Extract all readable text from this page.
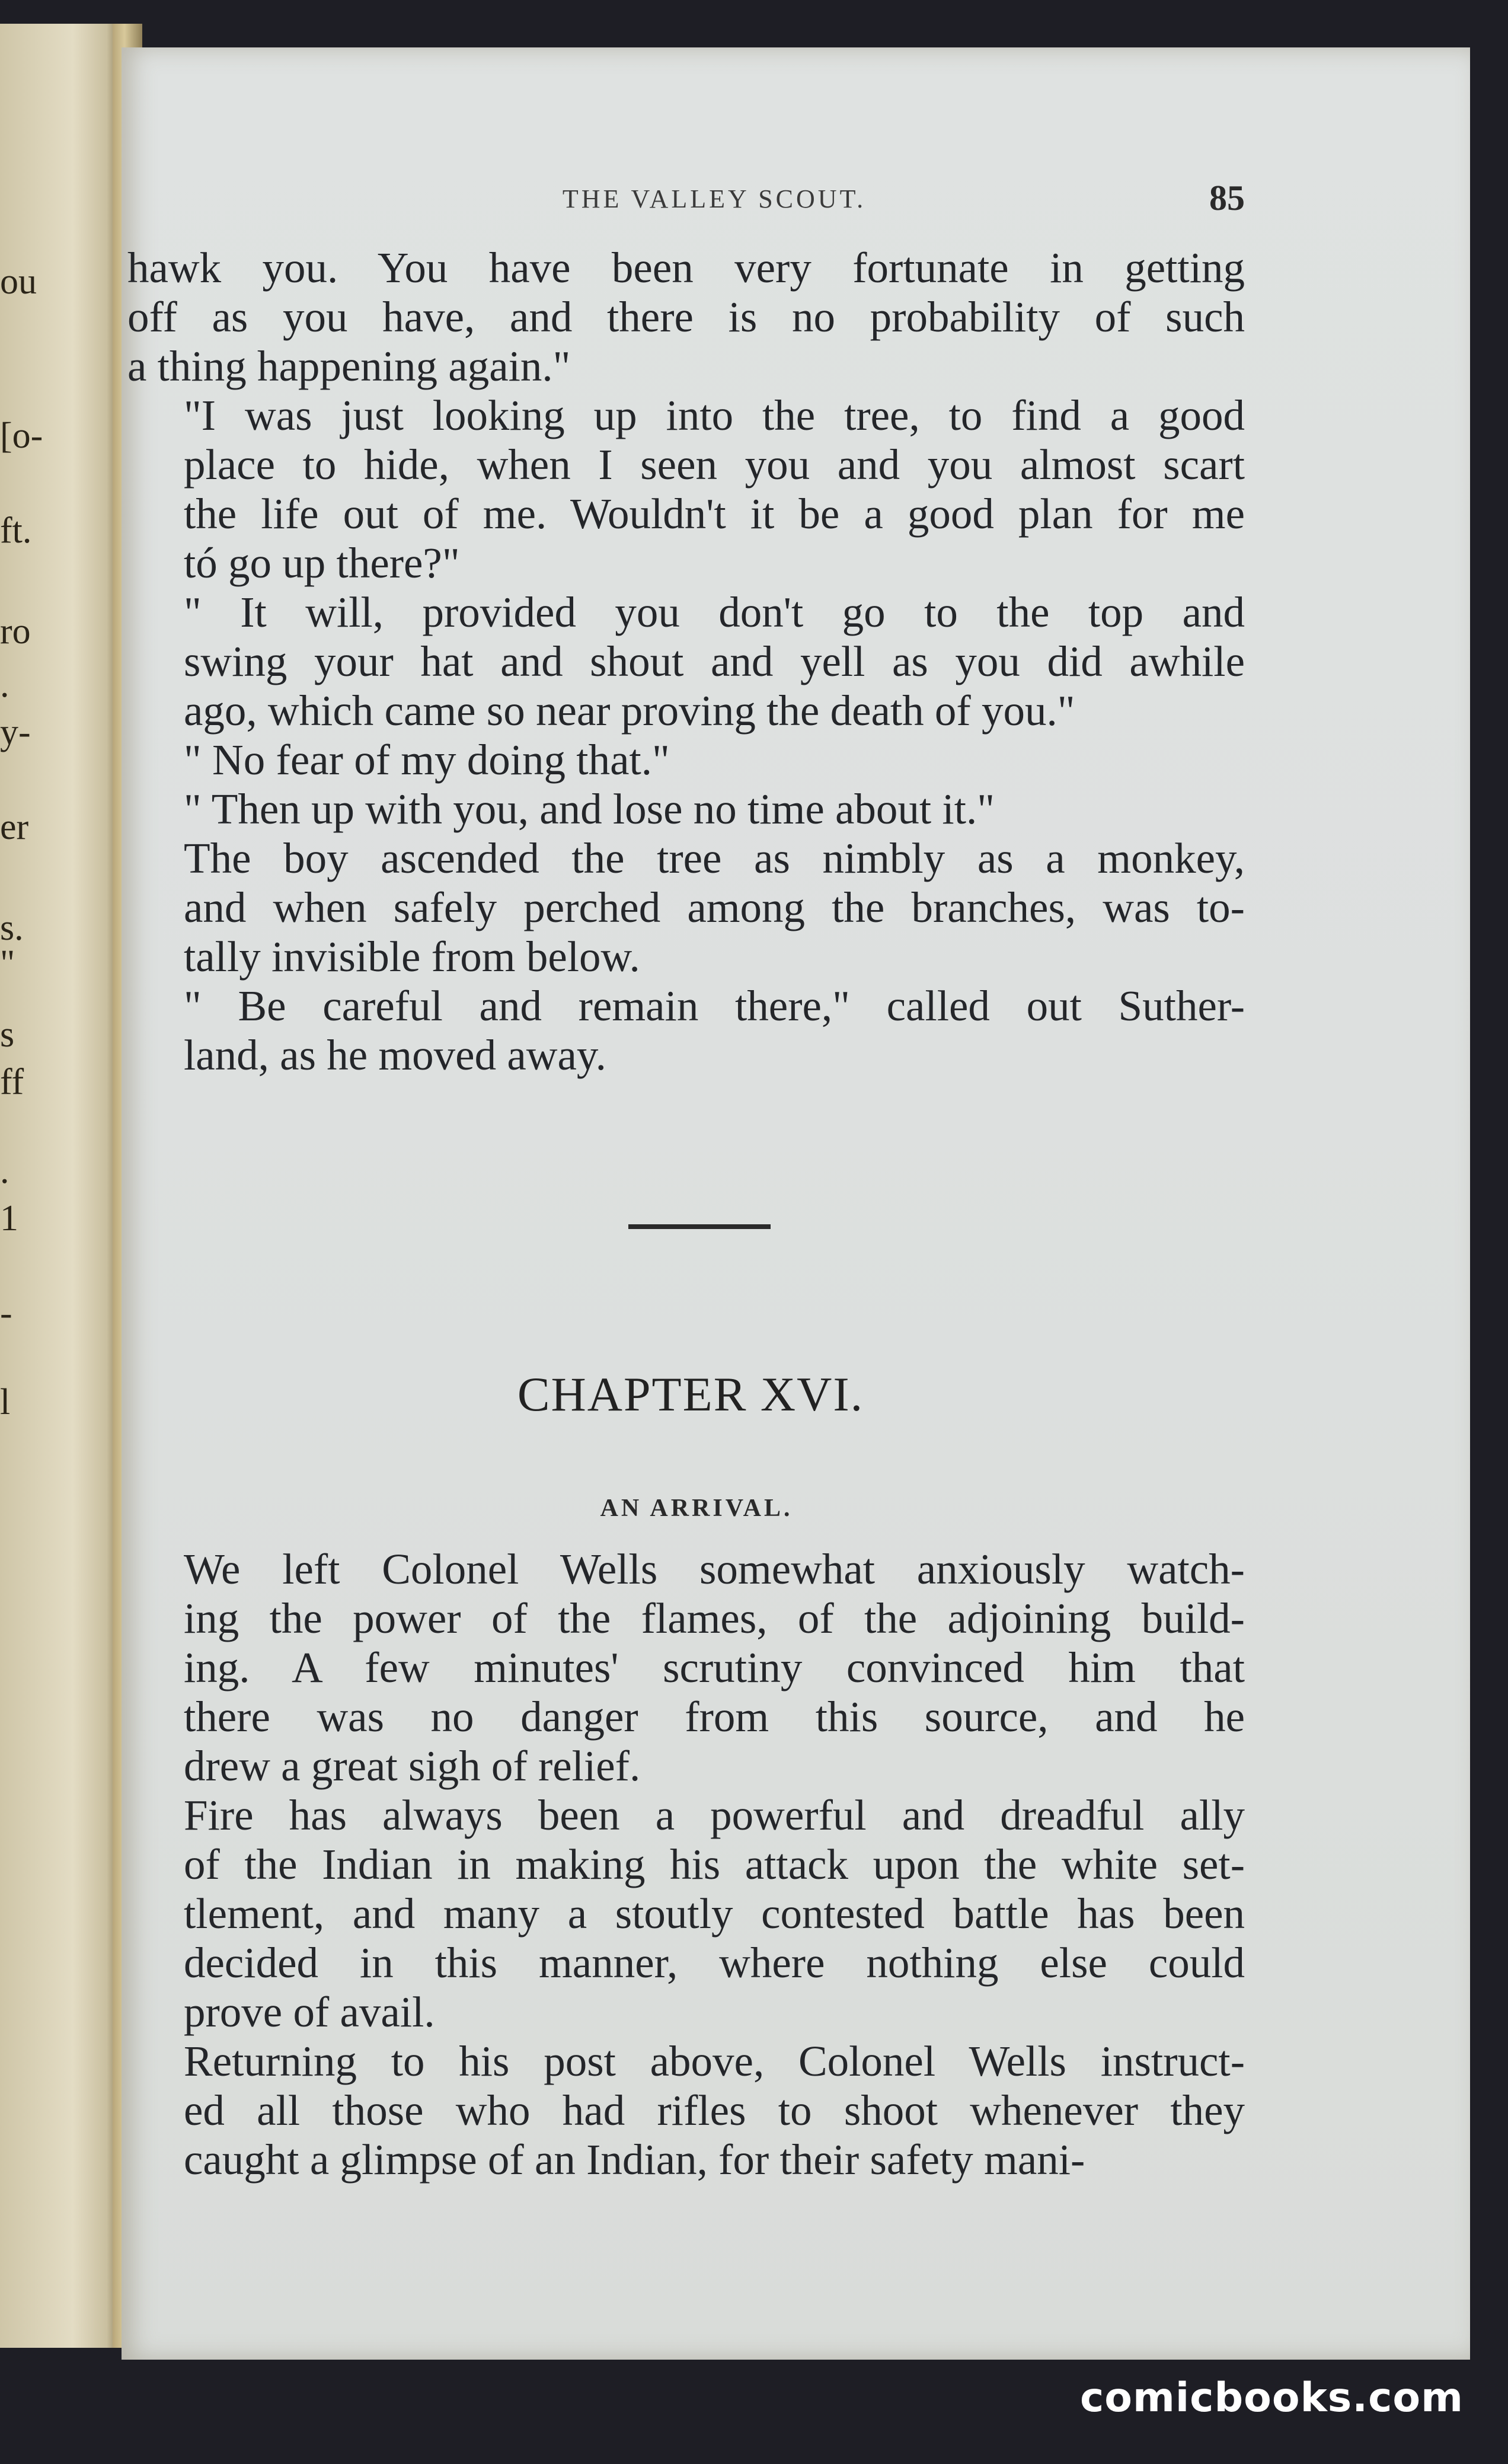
ou
[o-
ft.
ro
.
y-
er
s.
"
s
ff
.
1
-
l
THE VALLEY SCOUT.	85

hawk you. You have been very fortunate in getting
off as you have, and there is no probability of such
a thing happening again."

"I was just looking up into the tree, to find a good
place to hide, when I seen you and you almost scart
the life out of me. Wouldn't it be a good plan for me
tó go up there?"

" It will, provided you don't go to the top and
swing your hat and shout and yell as you did awhile
ago, which came so near proving the death of you."

" No fear of my doing that."

" Then up with you, and lose no time about it."

The boy ascended the tree as nimbly as a monkey,
and when safely perched among the branches, was to-
tally invisible from below.

" Be careful and remain there," called out Suther-
land, as he moved away.

CHAPTER XVI.
AN ARRIVAL.

We left Colonel Wells somewhat anxiously watch-
ing the power of the flames, of the adjoining build-
ing. A few minutes' scrutiny convinced him that
there was no danger from this source, and he
drew a great sigh of relief.

Fire has always been a powerful and dreadful ally
of the Indian in making his attack upon the white set-
tlement, and many a stoutly contested battle has been
decided in this manner, where nothing else could
prove of avail.

Returning to his post above, Colonel Wells instruct-
ed all those who had rifles to shoot whenever they
caught a glimpse of an Indian, for their safety mani-

comicbooks.com
